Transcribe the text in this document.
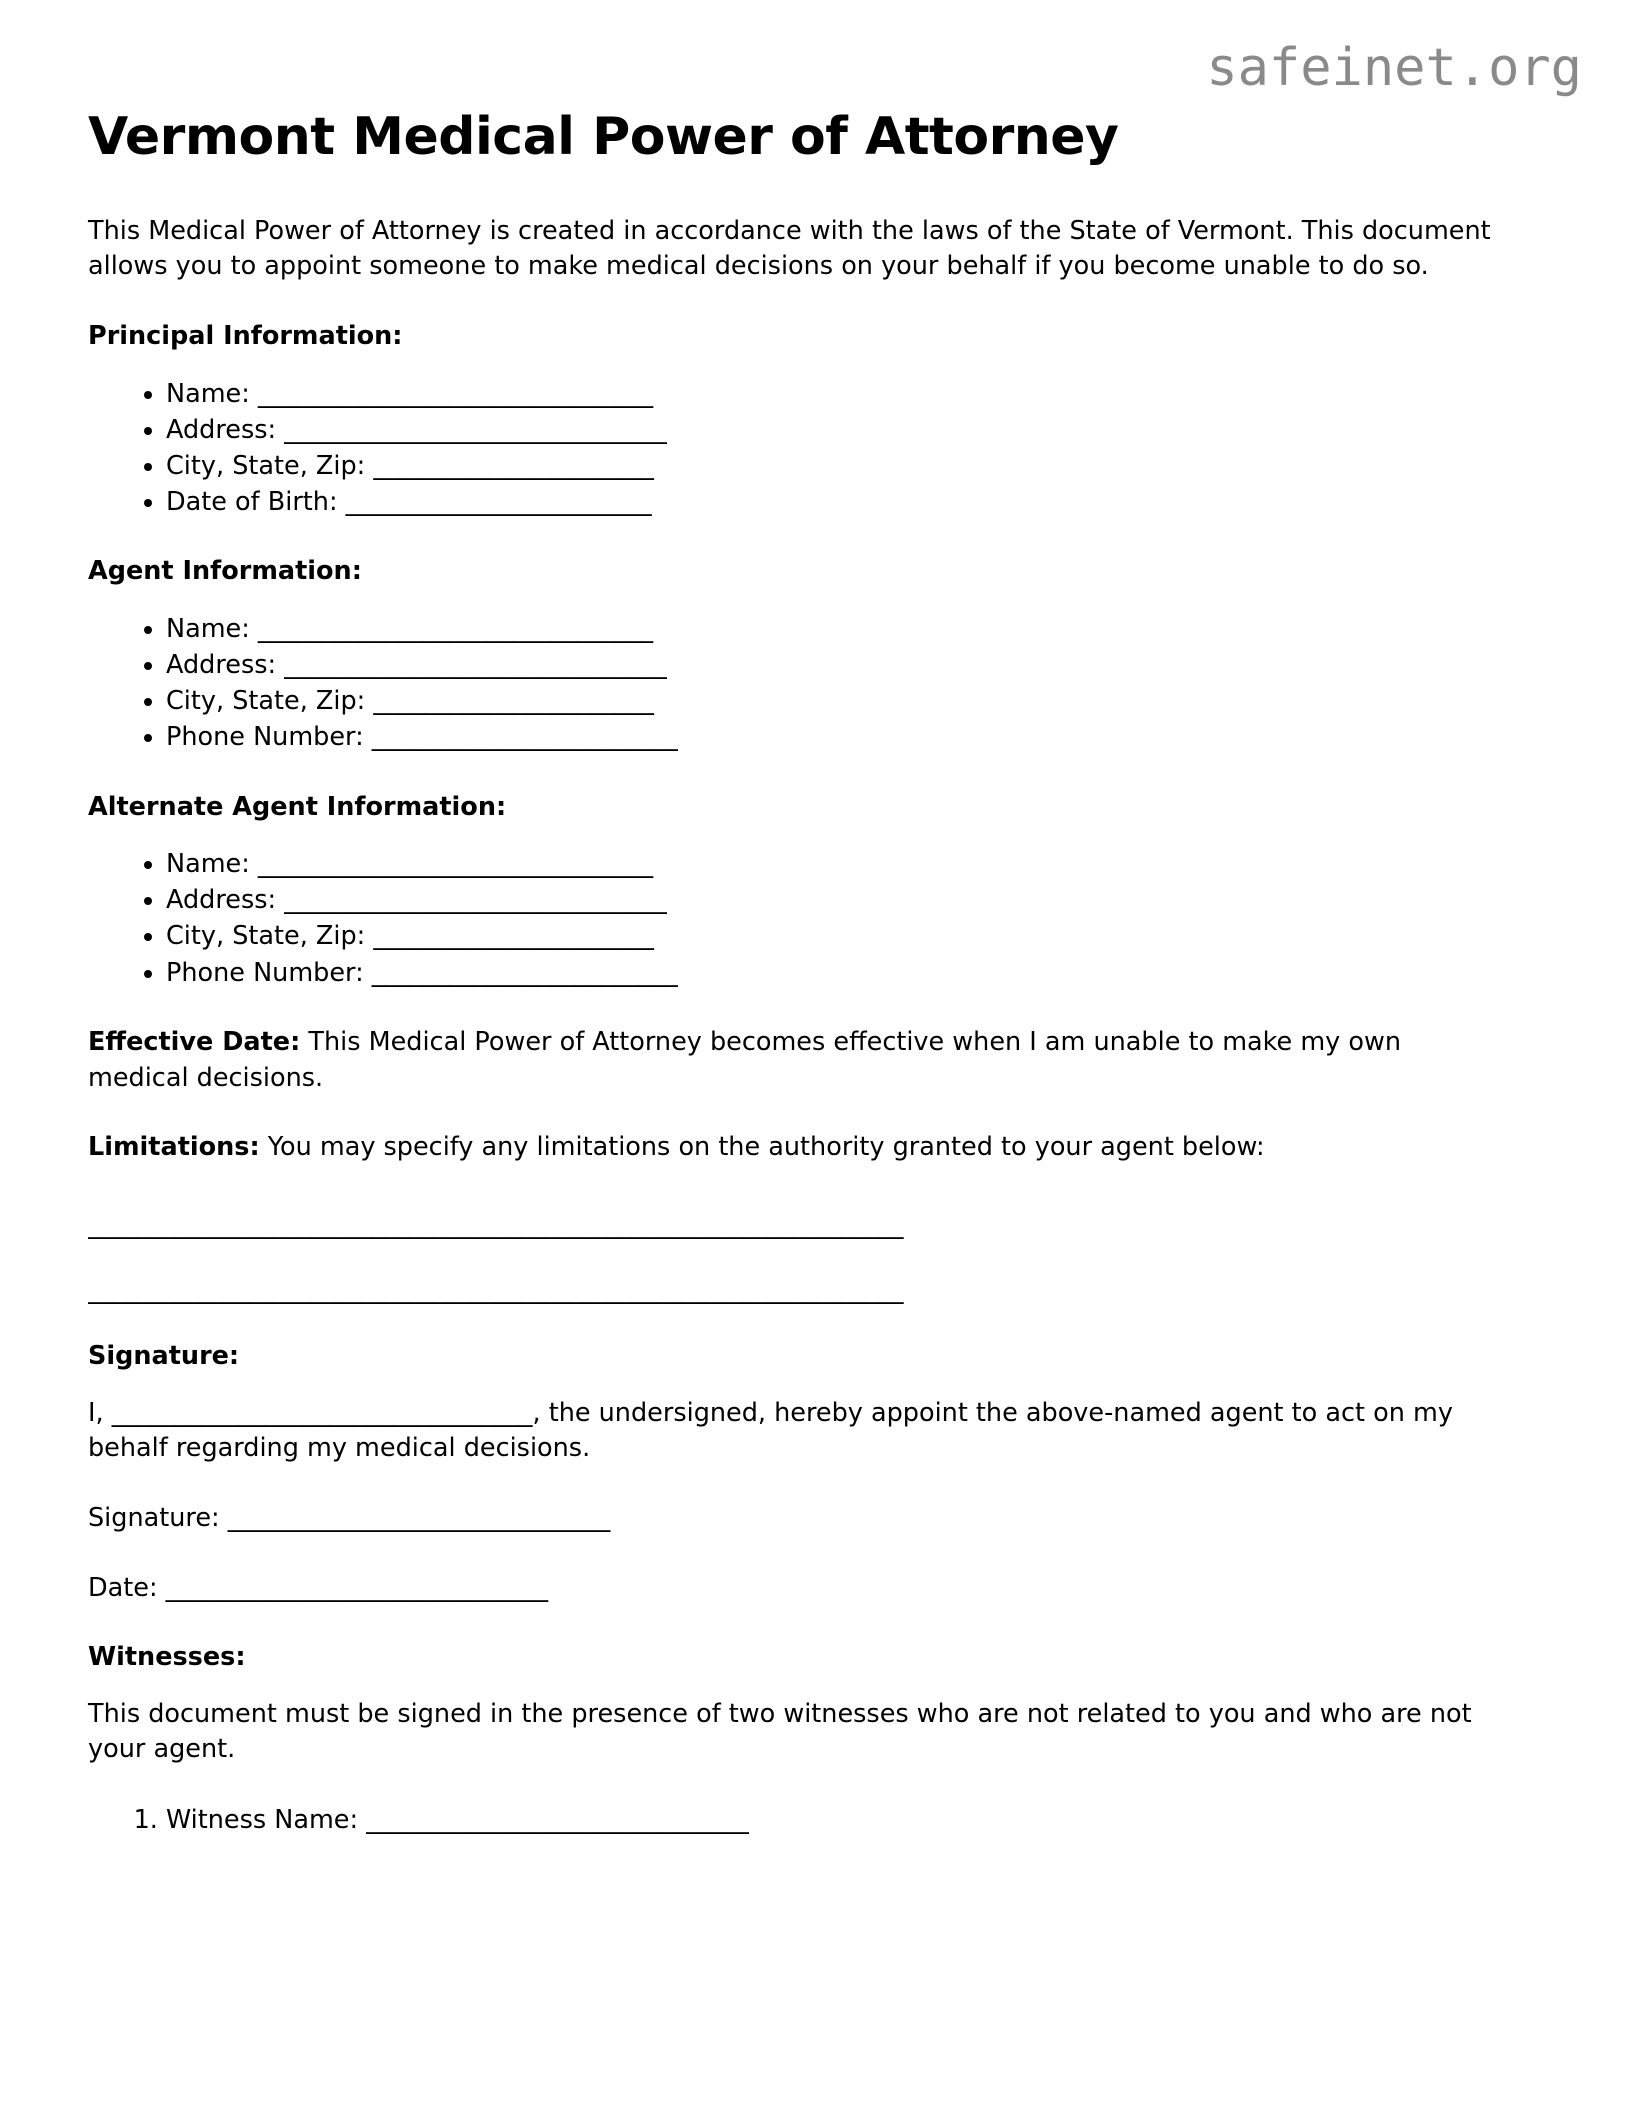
safeinet.org
Vermont Medical Power of Attorney

This Medical Power of Attorney is created in accordance with the laws of the State of Vermont. This document allows you to appoint someone to make medical decisions on your behalf if you become unable to do so.

Principal Information:
• Name: _______________________________
• Address: ______________________________
• City, State, Zip: ______________________
• Date of Birth: ________________________
Agent Information:
• Name: _______________________________
• Address: ______________________________
• City, State, Zip: ______________________
• Phone Number: ________________________
Alternate Agent Information:
• Name: _______________________________
• Address: ______________________________
• City, State, Zip: ______________________
• Phone Number: ________________________

Effective Date: This Medical Power of Attorney becomes effective when I am unable to make my own medical decisions.

Limitations: You may specify any limitations on the authority granted to your agent below:

__________________________________________________________________
__________________________________________________________________
Signature:

I, _________________________________, the undersigned, hereby appoint the above-named agent to act on my behalf regarding my medical decisions.

Signature: ______________________________

Date: ______________________________

Witnesses:

This document must be signed in the presence of two witnesses who are not related to you and who are not your agent.

1. Witness Name: ______________________________
